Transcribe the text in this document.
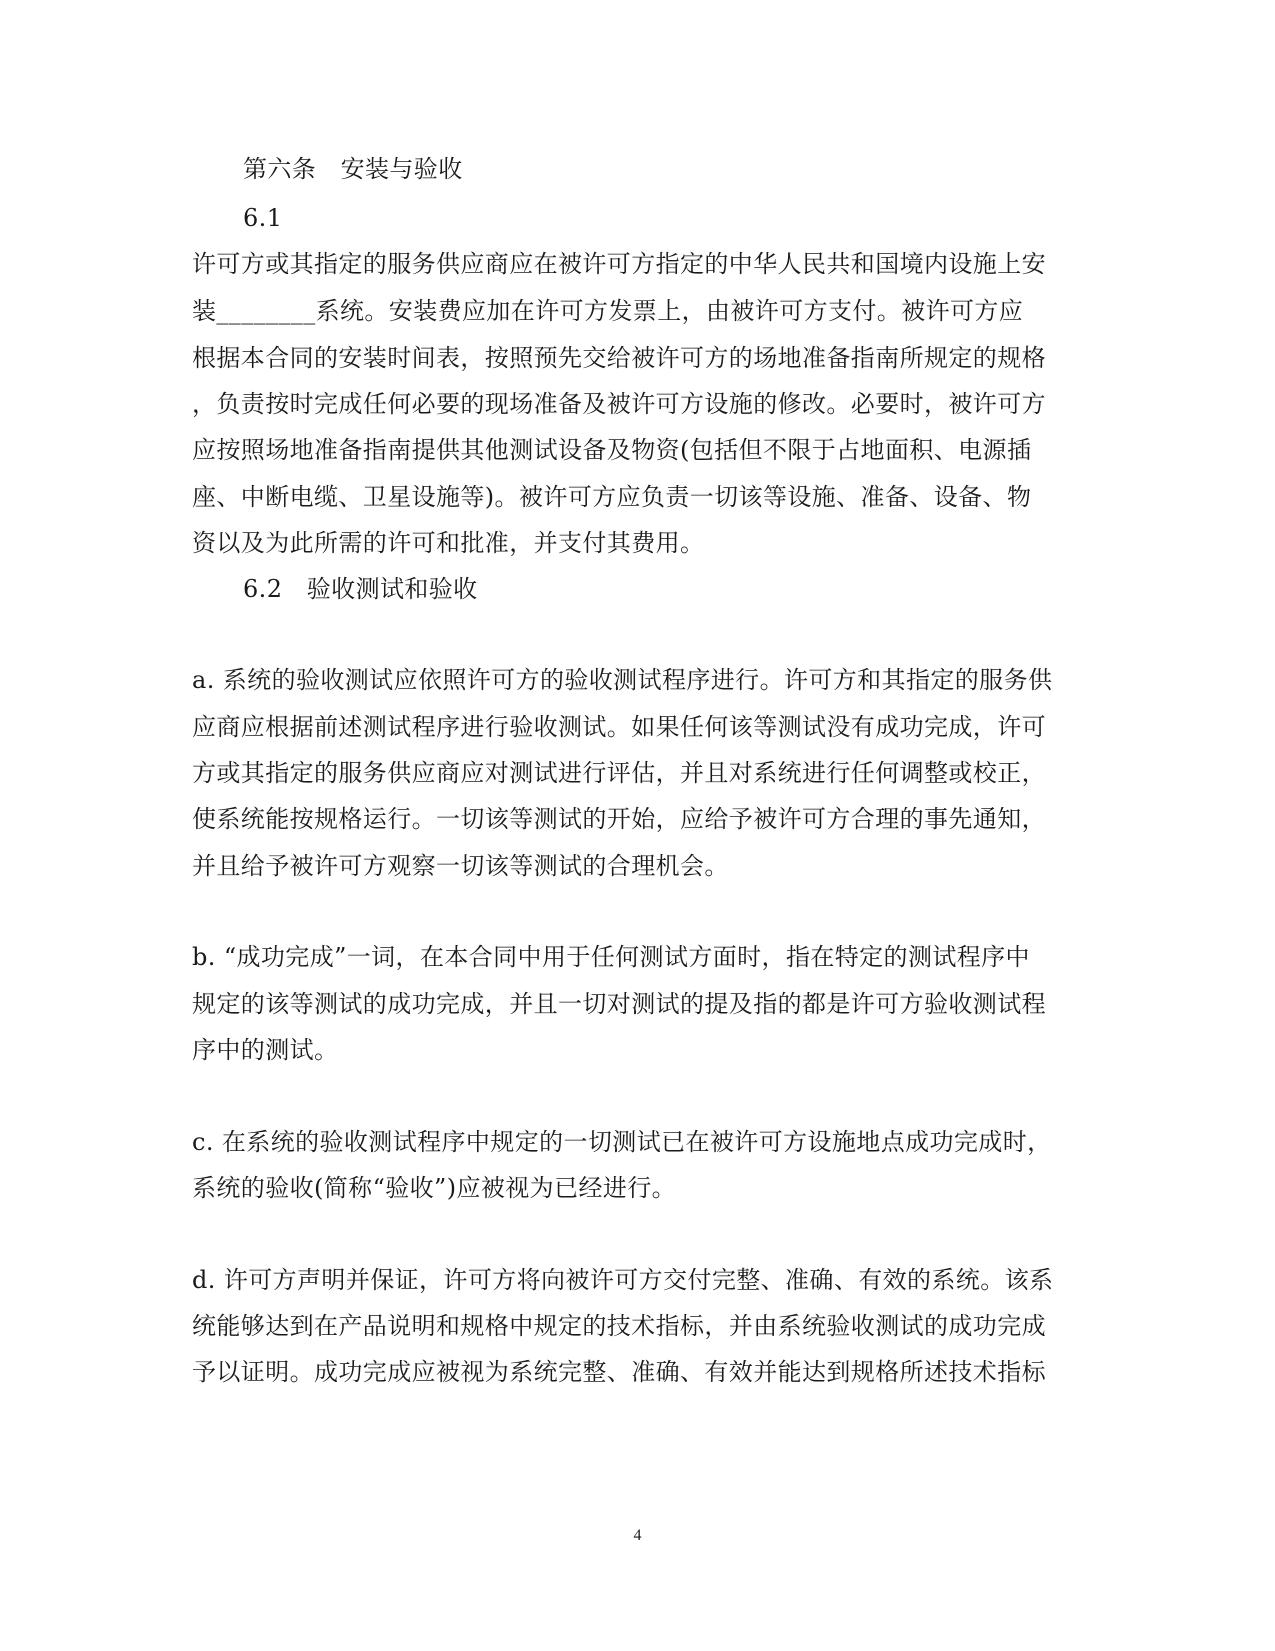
第六条　安装与验收
6.1
许可方或其指定的服务供应商应在被许可方指定的中华人民共和国境内设施上安
装________系统。安装费应加在许可方发票上，由被许可方支付。被许可方应
根据本合同的安装时间表，按照预先交给被许可方的场地准备指南所规定的规格
，负责按时完成任何必要的现场准备及被许可方设施的修改。必要时，被许可方
应按照场地准备指南提供其他测试设备及物资(包括但不限于占地面积、电源插
座、中断电缆、卫星设施等)。被许可方应负责一切该等设施、准备、设备、物
资以及为此所需的许可和批准，并支付其费用。
6.2　验收测试和验收
a. 系统的验收测试应依照许可方的验收测试程序进行。许可方和其指定的服务供
应商应根据前述测试程序进行验收测试。如果任何该等测试没有成功完成，许可
方或其指定的服务供应商应对测试进行评估，并且对系统进行任何调整或校正，
使系统能按规格运行。一切该等测试的开始，应给予被许可方合理的事先通知，
并且给予被许可方观察一切该等测试的合理机会。
b. “成功完成”一词，在本合同中用于任何测试方面时，指在特定的测试程序中
规定的该等测试的成功完成，并且一切对测试的提及指的都是许可方验收测试程
序中的测试。
c. 在系统的验收测试程序中规定的一切测试已在被许可方设施地点成功完成时，
系统的验收(简称“验收”)应被视为已经进行。
d. 许可方声明并保证，许可方将向被许可方交付完整、准确、有效的系统。该系
统能够达到在产品说明和规格中规定的技术指标，并由系统验收测试的成功完成
予以证明。成功完成应被视为系统完整、准确、有效并能达到规格所述技术指标
4
